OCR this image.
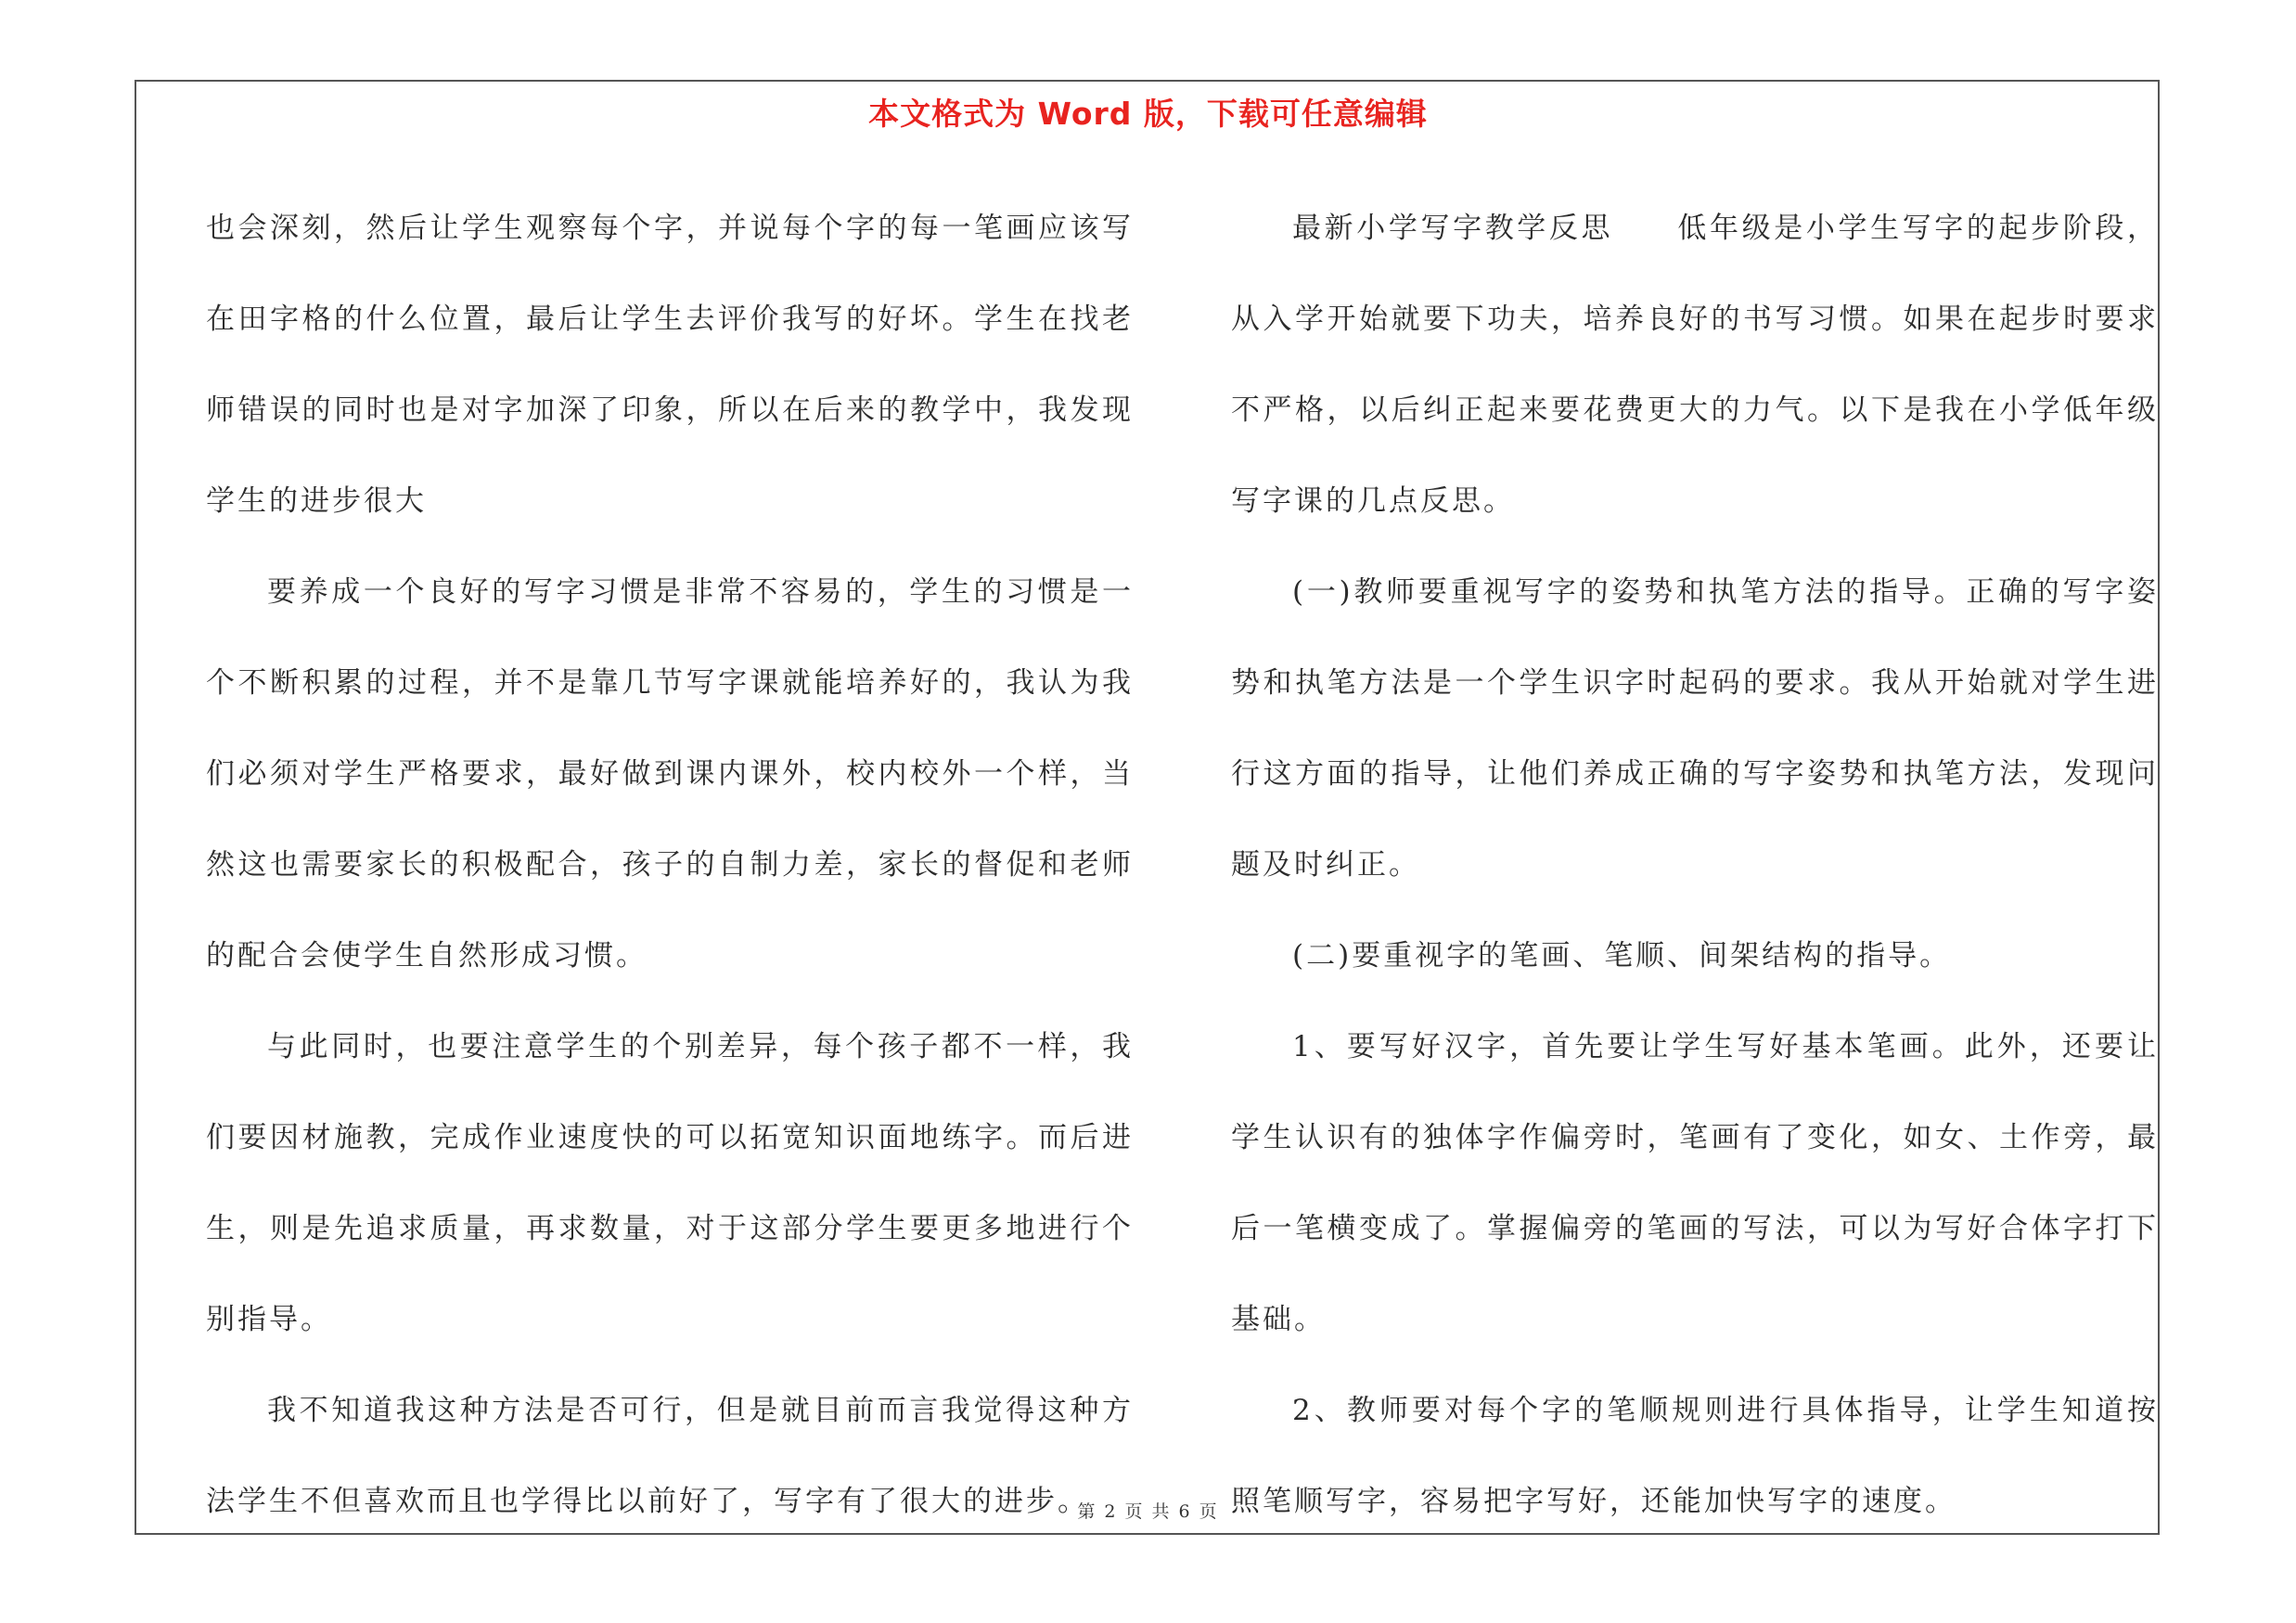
本文格式为 Word 版，下载可任意编辑

也会深刻，然后让学生观察每个字，并说每个字的每一笔画应该写在田字格的什么位置，最后让学生去评价我写的好坏。学生在找老师错误的同时也是对字加深了印象，所以在后来的教学中，我发现学生的进步很大

要养成一个良好的写字习惯是非常不容易的，学生的习惯是一个不断积累的过程，并不是靠几节写字课就能培养好的，我认为我们必须对学生严格要求，最好做到课内课外，校内校外一个样，当然这也需要家长的积极配合，孩子的自制力差，家长的督促和老师的配合会使学生自然形成习惯。

与此同时，也要注意学生的个别差异，每个孩子都不一样，我们要因材施教，完成作业速度快的可以拓宽知识面地练字。而后进生，则是先追求质量，再求数量，对于这部分学生要更多地进行个别指导。

我不知道我这种方法是否可行，但是就目前而言我觉得这种方法学生不但喜欢而且也学得比以前好了，写字有了很大的进步。

最新小学写字教学反思　　低年级是小学生写字的起步阶段，从入学开始就要下功夫，培养良好的书写习惯。如果在起步时要求不严格，以后纠正起来要花费更大的力气。以下是我在小学低年级写字课的几点反思。

(一)教师要重视写字的姿势和执笔方法的指导。正确的写字姿势和执笔方法是一个学生识字时起码的要求。我从开始就对学生进行这方面的指导，让他们养成正确的写字姿势和执笔方法，发现问题及时纠正。

(二)要重视字的笔画、笔顺、间架结构的指导。

1、要写好汉字，首先要让学生写好基本笔画。此外，还要让学生认识有的独体字作偏旁时，笔画有了变化，如女、土作旁，最后一笔横变成了。掌握偏旁的笔画的写法，可以为写好合体字打下基础。

2、教师要对每个字的笔顺规则进行具体指导，让学生知道按照笔顺写字，容易把字写好，还能加快写字的速度。

第 2 页 共 6 页
